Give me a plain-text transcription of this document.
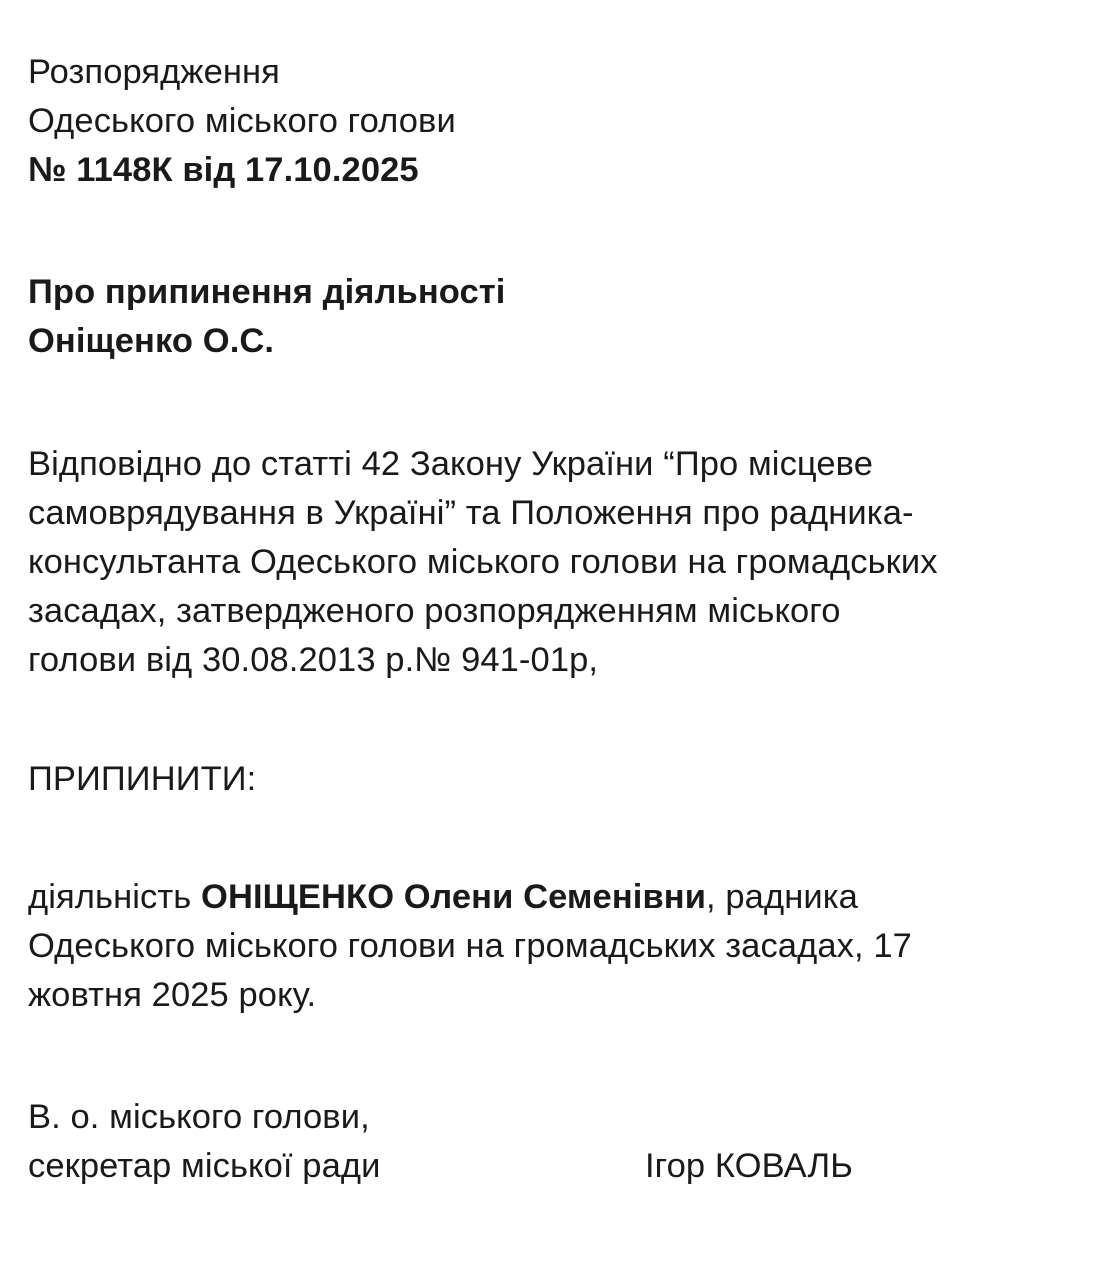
Розпорядження
Одеського міського голови
№ 1148К від 17.10.2025
Про припинення діяльності
Оніщенко О.С.
Відповідно до статті 42 Закону України “Про місцеве
самоврядування в Україні” та Положення про радника-
консультанта Одеського міського голови на громадських
засадах, затвердженого розпорядженням міського
голови від 30.08.2013 р.№ 941-01р,
ПРИПИНИТИ:
діяльність ОНІЩЕНКО Олени Семенівни, радника
Одеського міського голови на громадських засадах, 17
жовтня 2025 року.
В. о. міського голови,
секретар міської ради	Ігор КОВАЛЬ
